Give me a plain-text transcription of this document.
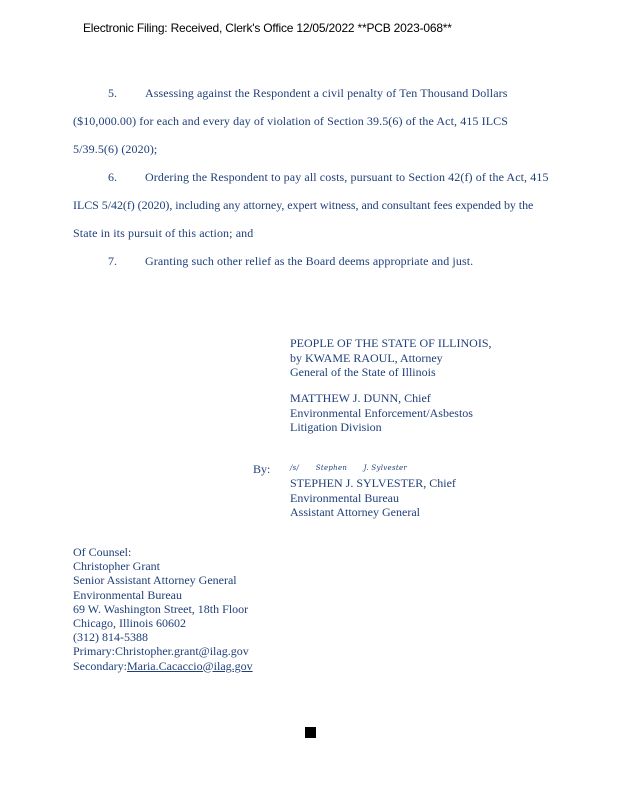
Electronic Filing: Received, Clerk's Office 12/05/2022 **PCB 2023-068**
5. Assessing against the Respondent a civil penalty of Ten Thousand Dollars
($10,000.00) for each and every day of violation of Section 39.5(6) of the Act, 415 ILCS
5/39.5(6) (2020);
6. Ordering the Respondent to pay all costs, pursuant to Section 42(f) of the Act, 415
ILCS 5/42(f) (2020), including any attorney, expert witness, and consultant fees expended by the
State in its pursuit of this action; and
7. Granting such other relief as the Board deems appropriate and just.
PEOPLE OF THE STATE OF ILLINOIS,
by KWAME RAOUL, Attorney
General of the State of Illinois
MATTHEW J. DUNN, Chief
Environmental Enforcement/Asbestos
Litigation Division
By:	/s/ Stephen J. Sylvester
STEPHEN J. SYLVESTER, Chief
Environmental Bureau
Assistant Attorney General
Of Counsel:
Christopher Grant
Senior Assistant Attorney General
Environmental Bureau
69 W. Washington Street, 18th Floor
Chicago, Illinois 60602
(312) 814-5388
Primary:Christopher.grant@ilag.gov
Secondary:Maria.Cacaccio@ilag.gov
